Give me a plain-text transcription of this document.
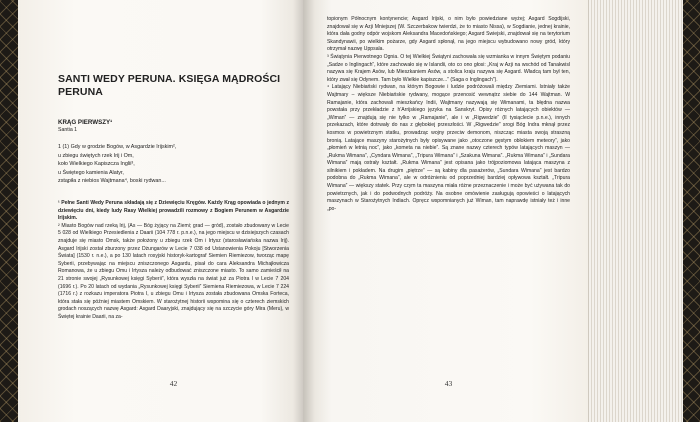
SANTI WEDY PERUNA. KSIĘGA MĄDROŚCI PERUNA
KRĄG PIERWSZY¹
Santia 1
1 (1) Gdy w grodzie Bogów, w Asgardzie Irijskim²,
u zbiegu świętych rzek Irij i Om,
koło Wielkiego Kapiszcza Inglii³,
u Świętego kamienia Alatyr,
zstąpiła z niebios Wajtmana⁴, boski rydwan...

¹ Pełne Santi Wedy Peruna składają się z Dziewięciu Kręgów. Każdy Krąg opowiada o jednym z dziewięciu dni, kiedy ludy Rasy Wielkiej prowadzili rozmowy z Bogiem Perunem w Asgardzie Irijskim.

² Miasto Bogów nad rzeką Irij, (As — Bóg żyjący na Ziemi; grad — gród), zostało zbudowany w Lecie 5 028 od Wielkiego Przesiedlenia z Daarii (104 778 r. p.n.e.), na jego miejscu w dzisiejszych czasach znajduje się miasto Omsk, także położony u zbiegu rzek Om i Irtysz (starosławiańska nazwa Irij). Asgard Irijski został zburzony przez Dżungarów w Lecie 7 038 od Ustanowienia Pokoju [Stworzenia Świata] (1530 r. n.e.), a po 130 latach rosyjski historyk-kartograf Siemien Riemiezow, tworząc mapę Syberii, przebywając na miejscu zniszczonego Asgardu, pisał do cara Aleksandra Michajłowicza Romanowa, że u zbiegu Omu i Irtysza należy odbudować zniszczone miasto. To samo zamieścił na 21 stronie swojej „Rysunkowej księgi Syberii”, która wyszła na świat już za Piotra I w Lecie 7 204 (1696 r.). Po 20 latach od wydania „Rysunkowej księgi Syberii” Siemiena Riemiezowa, w Lecie 7 224 (1716 r.) z rozkazu imperatora Piotra I, u zbiegu Omu i Irtysza została zbudowana Omska Forteca, która stała się później miastem Omskiem. W starożytnej historii wspomina się o czterech ziemskich grodach noszących nazwę Asgard: Asgard Daaryjski, znajdujący się na szczycie góry Mira (Meru), w Świętej krainie Daarii, na za-

42

topionym Północnym kontynencie; Asgard Irijski, o nim było powiedziane wyżej; Asgard Sogdijski, znajdował się w Azji Mniejszej (W. Szczerbakow twierdzi, że to miasto Nissa), w Sogdianie, jednej krainie, która dała godny odpór wojskom Aleksandra Macedońskiego; Asgard Swiejski, znajdował się na terytorium Skandynawii, po wielkim pożarze, gdy Asgard spłonął, na jego miejscu wybudowano nowy gród, który otrzymał nazwę Uppsala.

³ Świątynia Pierwotnego Ognia. O tej Wielkiej Świątyni zachowała się wzmianka w innym Świętym podaniu „Sadze o Inglingach”, które zachowało się w Islandii, oto co ono głosi: „Kraj w Azji na wschód od Tanakwisl nazywa się Krajem Asów, lub Mieszkaniem Asów, a stolica kraju nazywa się Asgard. Władcą tam był ten, który zwał się Odynem. Tam było Wielkie kapiszcze...” (Saga o Inglingach").

⁴ Latający Niebiański rydwan, na którym Bogowie i ludzie podróżowali między Ziemiami. Istniały także Wajtmary – większe Niebiańskie rydwany, mogące przenosić wewnątrz siebie do 144 Wajtman. W Ramajanie, która zachowali mieszkańcy Indii, Wajtmany nazywają się Wimanami, ta błędna nazwa powstała przy przekładzie z h'Arrijskiego języka na Sanskryt. Opisy różnych latających obiektów — „Wiman” — znajdują się nie tylko w „Ramajanie”, ale i w „Rigwedzie” (II tysiąclecie p.n.e.), innych przekazach, które dotrwały do nas z głębokiej przeszłości. W „Rigwedzie” srogi Bóg Indra mknął przez kosmos w powietrznym statku, prowadząc wojny przeciw demonom, niszcząc miasta swoją straszną bronią. Latające maszyny starożytnych były opisywane jako „otoczone gęstym obłokiem meteory”, jako „płomień w letnią noc”, jako „kometa na niebie”. Są znane nazwy czterech typów latających maszyn — „Rukma Wimana”, „Cyndara Wimana”, „Tripura Wimana” i „Szakuna Wimana”. „Rukma Wimana” i „Sundara Wimana” mają ostrały kształt. „Rukma Wimana” jest opisana jako trójpoziomowa latająca maszyna z silnikiem i pokładem. Na drugim „piętrze” — są kabiny dla pasażerów, „Sundara Wimana” jest bardzo podobna do „Rukma Wimana”, ale w odróżnieniu od poprzedniej bardziej opływowa kształt. „Tripura Wimana” — większy statek. Przy czym ta maszyna miała różne przeznaczenie i może być używana tak do powietrznych, jak i do podwodnych podróży. Na osobne omówienie zasługują opowieści o latających maszynach w Starożytnych Indiach. Opręcz wspomnianych już Wiman, tam naprawdę istniały też i inne „po-

43
